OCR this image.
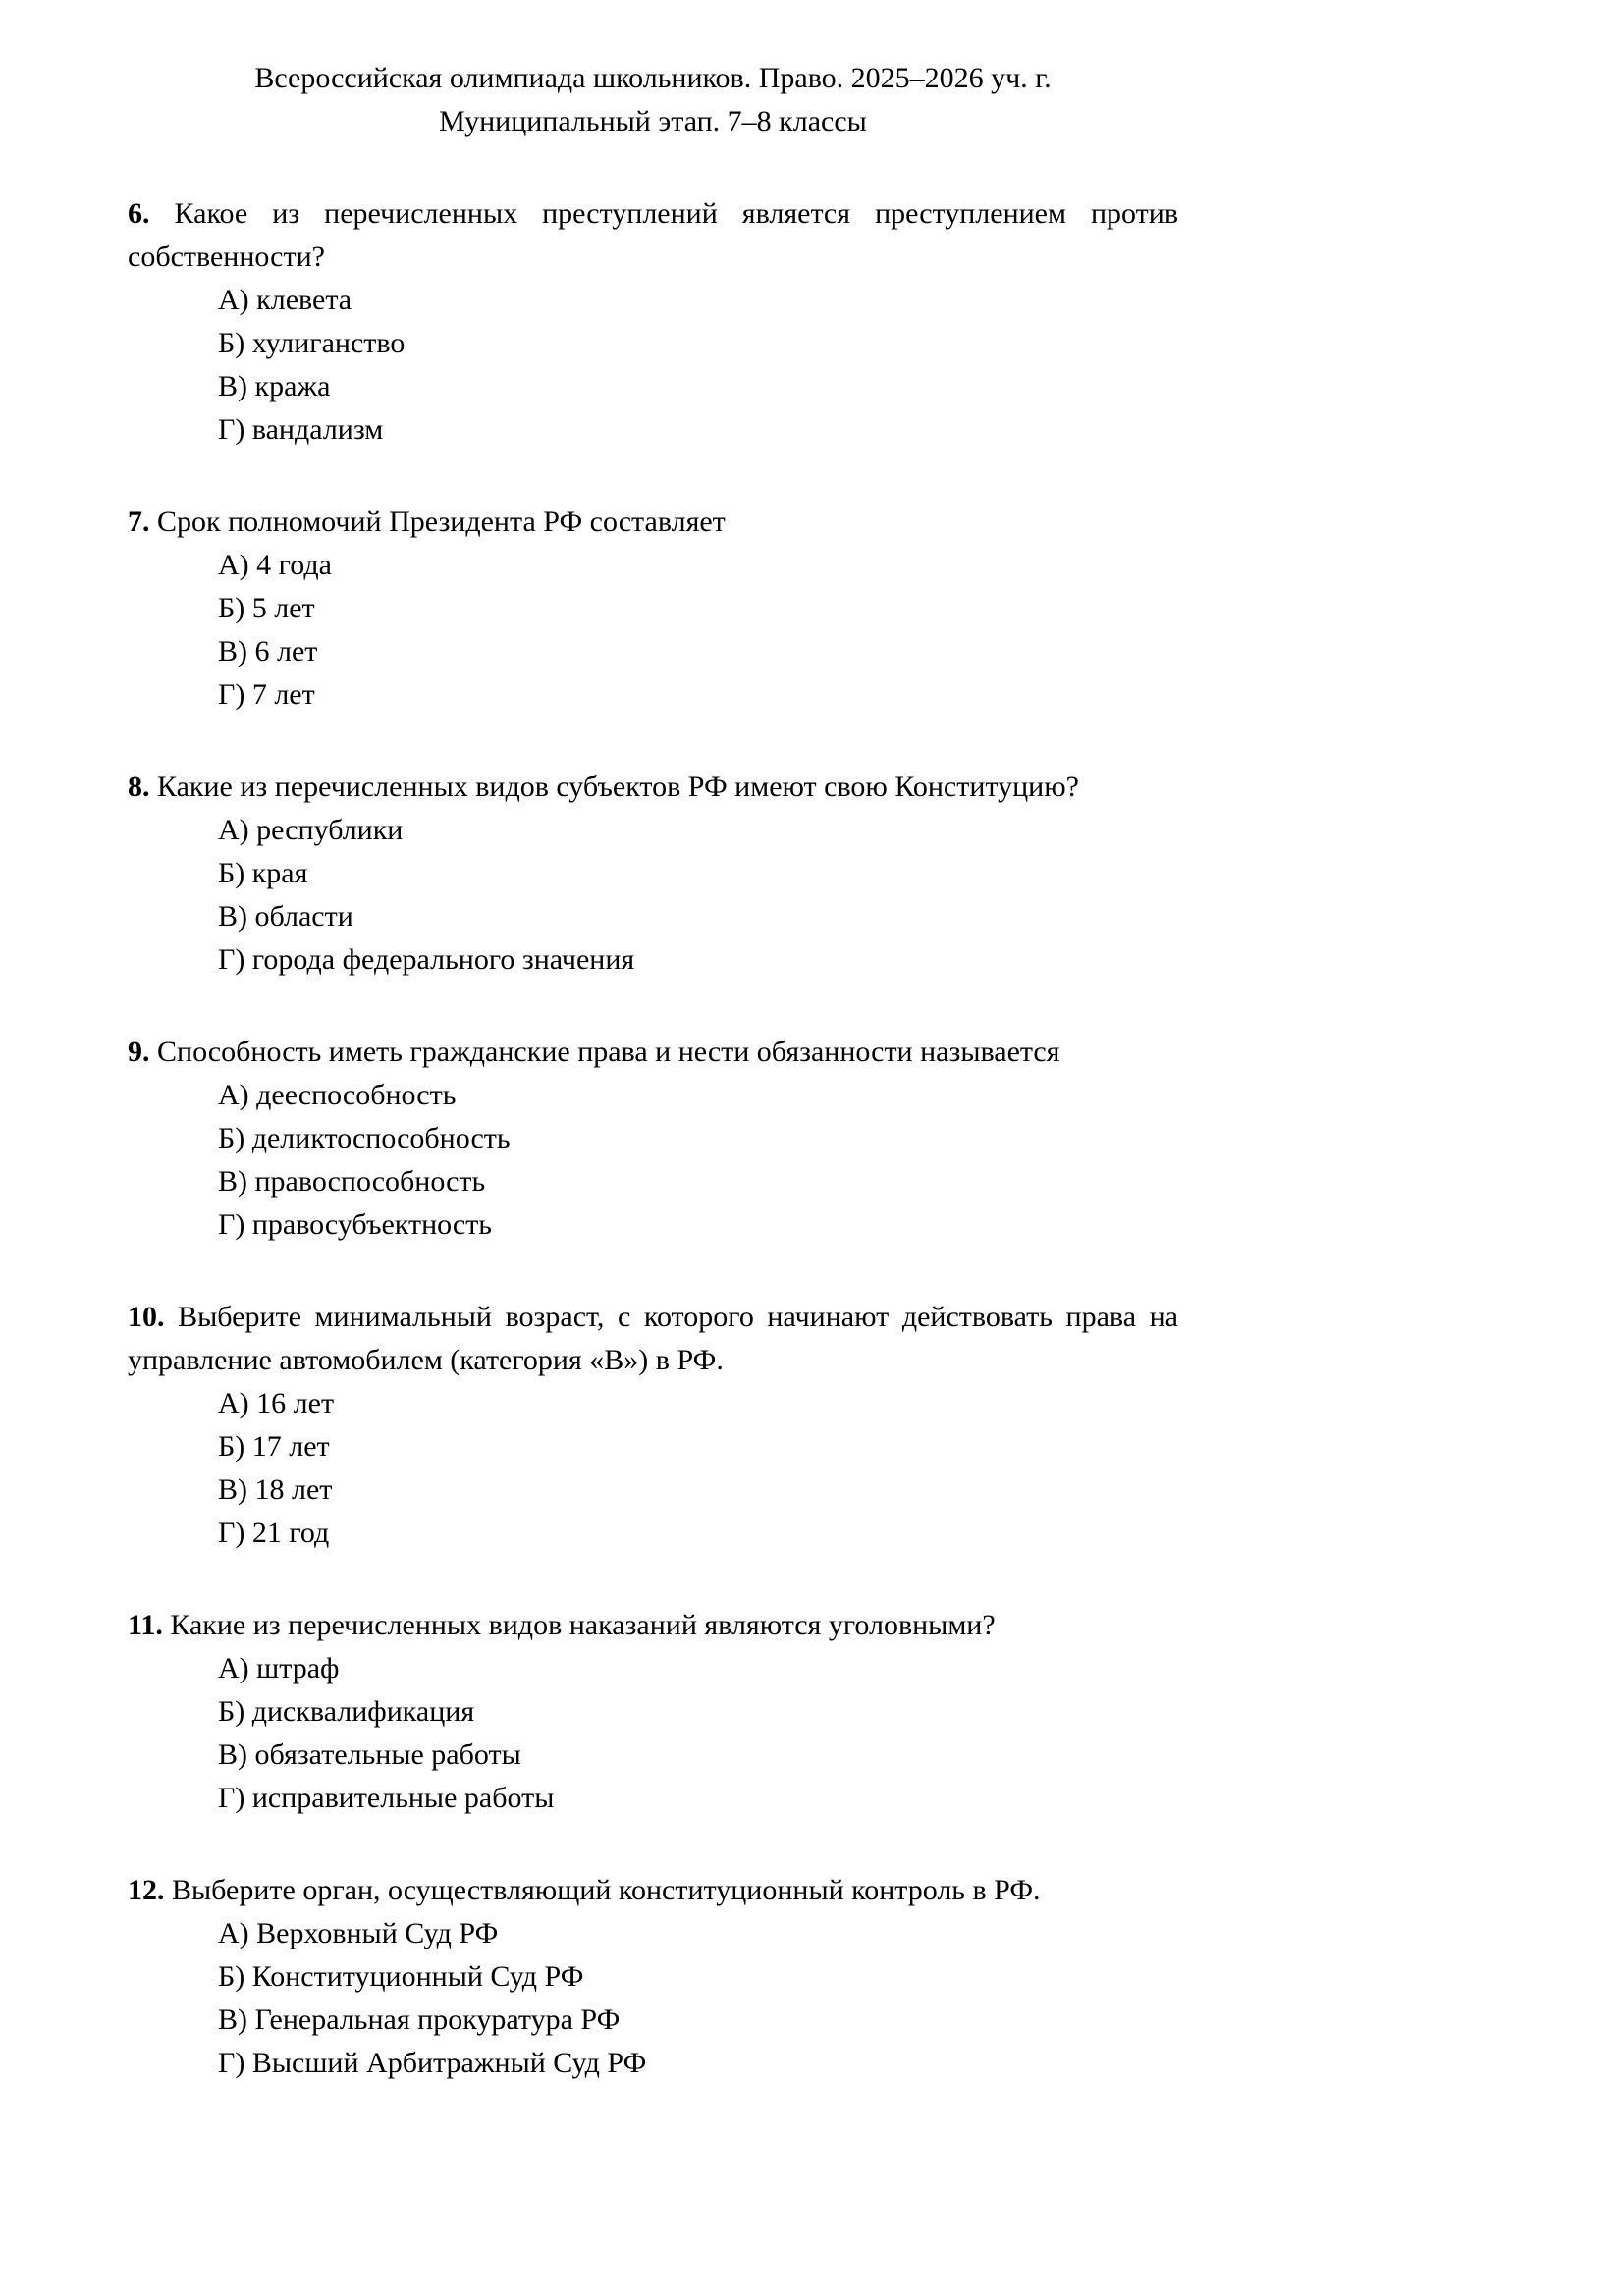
Всероссийская олимпиада школьников. Право. 2025–2026 уч. г.
Муниципальный этап. 7–8 классы
6. Какое из перечисленных преступлений является преступлением против собственности?
А) клевета
Б) хулиганство
В) кража
Г) вандализм
7. Срок полномочий Президента РФ составляет
А) 4 года
Б) 5 лет
В) 6 лет
Г) 7 лет
8. Какие из перечисленных видов субъектов РФ имеют свою Конституцию?
А) республики
Б) края
В) области
Г) города федерального значения
9. Способность иметь гражданские права и нести обязанности называется
А) дееспособность
Б) деликтоспособность
В) правоспособность
Г) правосубъектность
10. Выберите минимальный возраст, с которого начинают действовать права на управление автомобилем (категория «В») в РФ.
А) 16 лет
Б) 17 лет
В) 18 лет
Г) 21 год
11. Какие из перечисленных видов наказаний являются уголовными?
А) штраф
Б) дисквалификация
В) обязательные работы
Г) исправительные работы
12. Выберите орган, осуществляющий конституционный контроль в РФ.
А) Верховный Суд РФ
Б) Конституционный Суд РФ
В) Генеральная прокуратура РФ
Г) Высший Арбитражный Суд РФ
